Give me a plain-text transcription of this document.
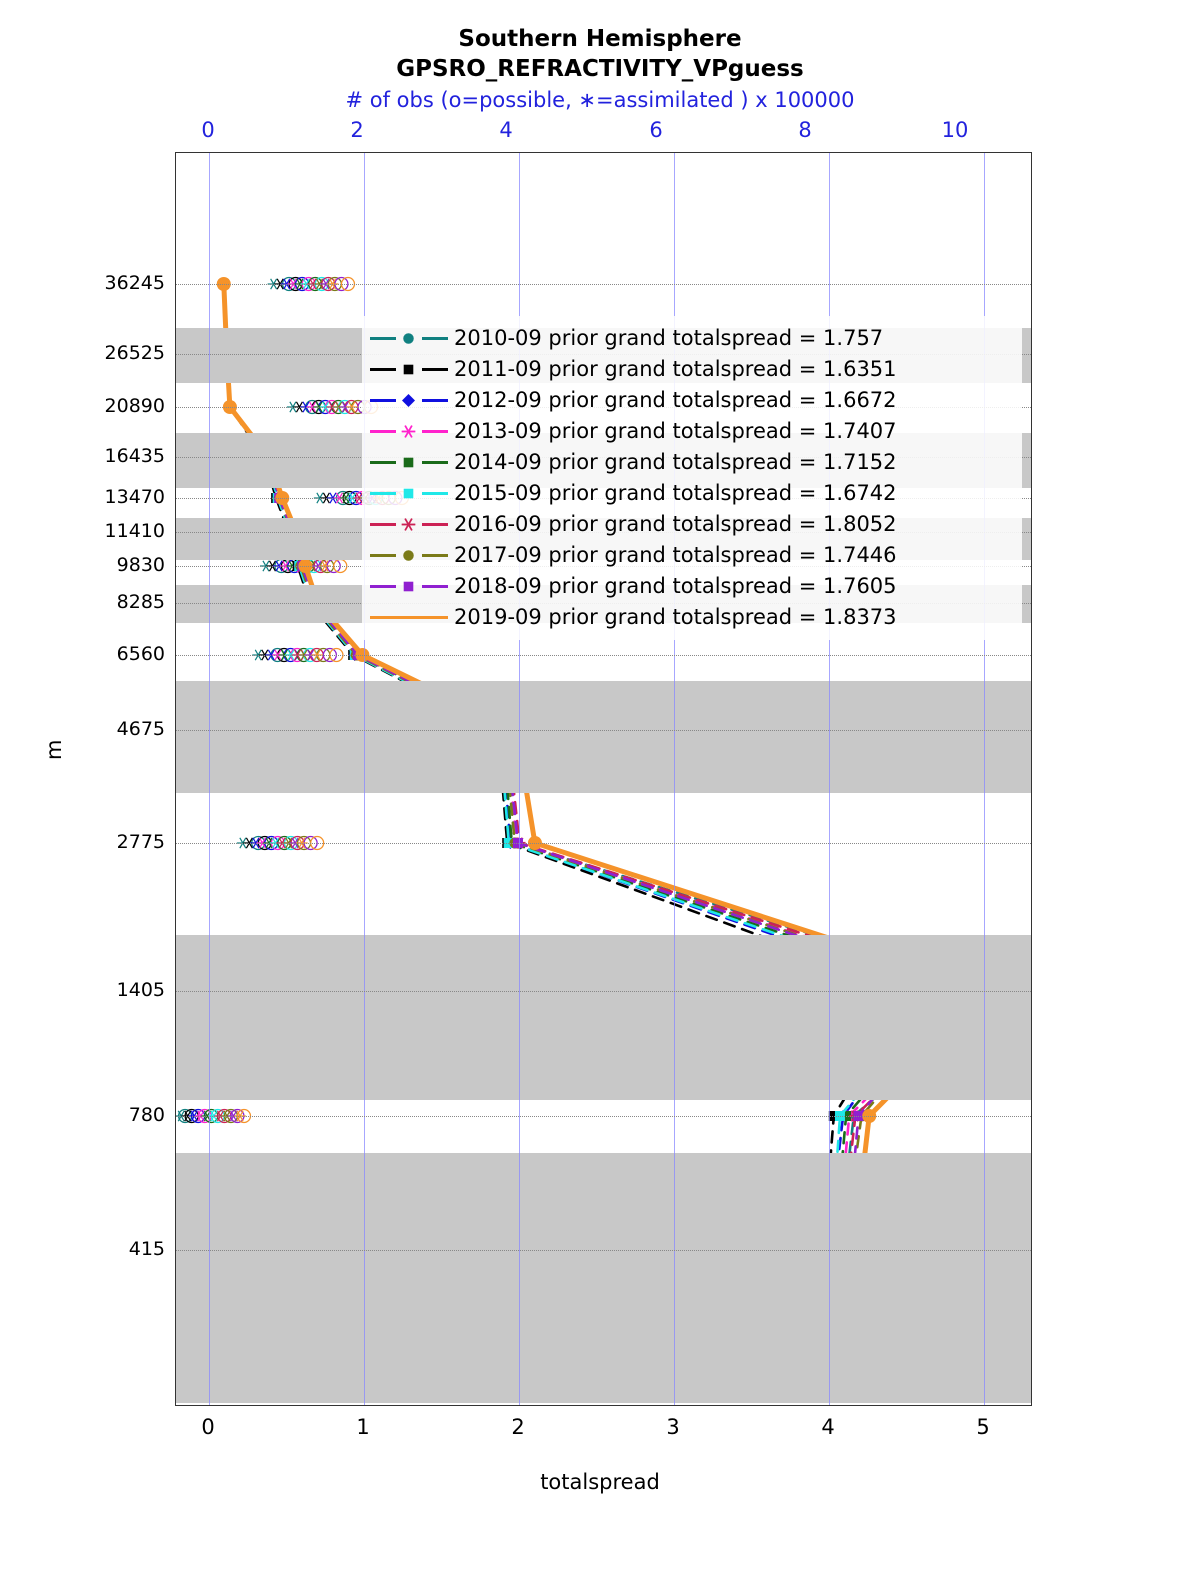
Southern Hemisphere
GPSRO_REFRACTIVITY_VPguess
# of obs (o=possible, ∗=assimilated ) x 100000
2010-09 prior grand totalspread = 1.757
2011-09 prior grand totalspread = 1.6351
2012-09 prior grand totalspread = 1.6672
2013-09 prior grand totalspread = 1.7407
2014-09 prior grand totalspread = 1.7152
2015-09 prior grand totalspread = 1.6742
2016-09 prior grand totalspread = 1.8052
2017-09 prior grand totalspread = 1.7446
2018-09 prior grand totalspread = 1.7605
2019-09 prior grand totalspread = 1.8373
0	2	4	6	8	10
0	1	2	3	4	5
36245
26525
20890
16435
13470
11410
9830
8285
6560
4675
2775
1405
780
415
totalspread
m
